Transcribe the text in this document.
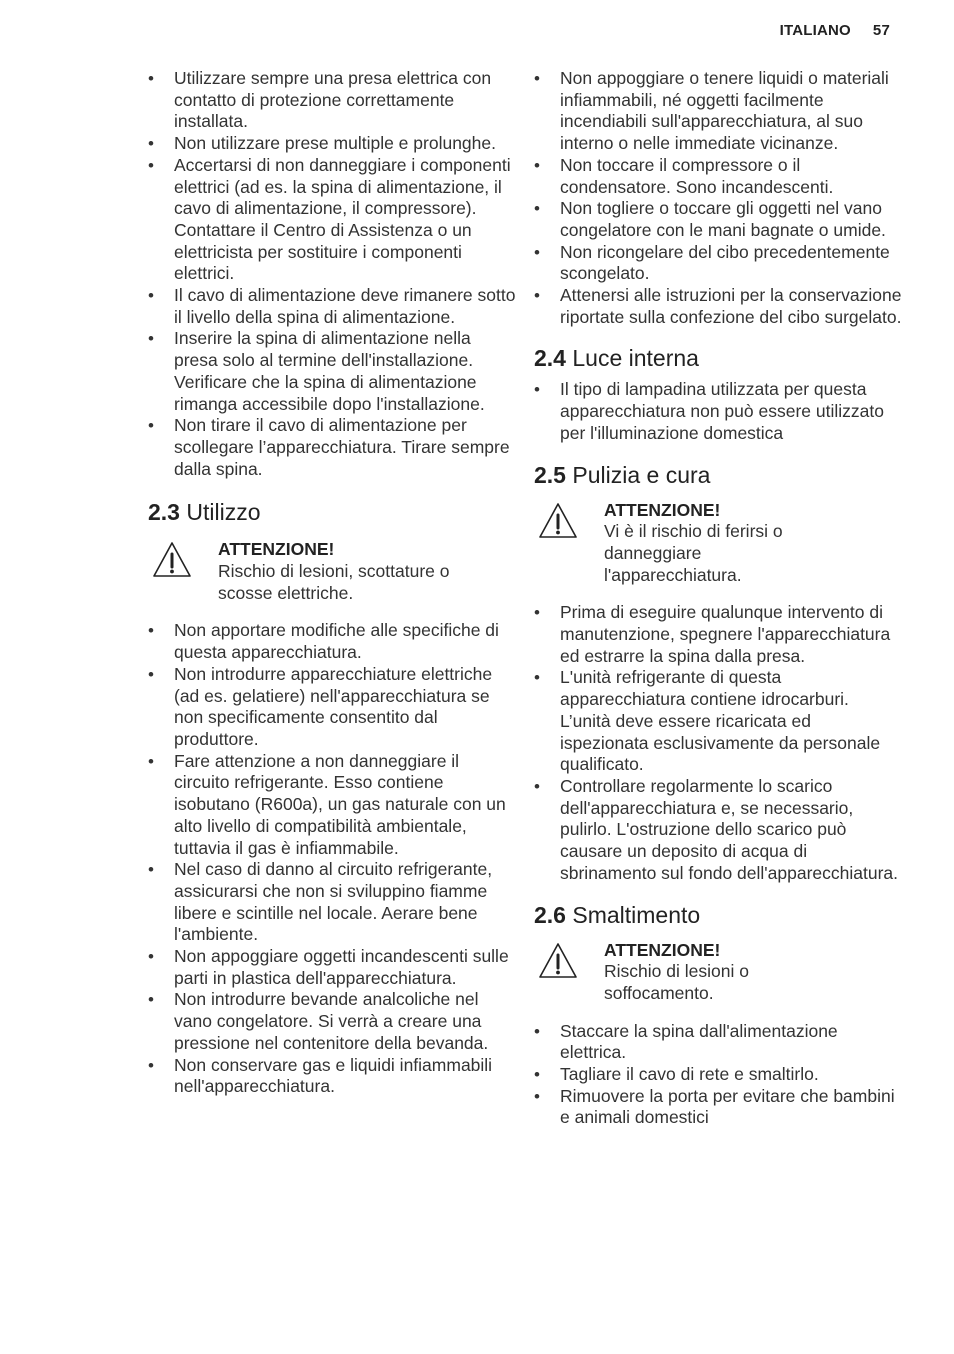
ITALIANO 57
• Utilizzare sempre una presa elettrica con contatto di protezione correttamente installata.
• Non utilizzare prese multiple e prolunghe.
• Accertarsi di non danneggiare i componenti elettrici (ad es. la spina di alimentazione, il cavo di alimentazione, il compressore). Contattare il Centro di Assistenza o un elettricista per sostituire i componenti elettrici.
• Il cavo di alimentazione deve rimanere sotto il livello della spina di alimentazione.
• Inserire la spina di alimentazione nella presa solo al termine dell'installazione. Verificare che la spina di alimentazione rimanga accessibile dopo l'installazione.
• Non tirare il cavo di alimentazione per scollegare l’apparecchiatura. Tirare sempre dalla spina.
2.3 Utilizzo
ATTENZIONE!
Rischio di lesioni, scottature o scosse elettriche.
• Non apportare modifiche alle specifiche di questa apparecchiatura.
• Non introdurre apparecchiature elettriche (ad es. gelatiere) nell'apparecchiatura se non specificamente consentito dal produttore.
• Fare attenzione a non danneggiare il circuito refrigerante. Esso contiene isobutano (R600a), un gas naturale con un alto livello di compatibilità ambientale, tuttavia il gas è infiammabile.
• Nel caso di danno al circuito refrigerante, assicurarsi che non si sviluppino fiamme libere e scintille nel locale. Aerare bene l'ambiente.
• Non appoggiare oggetti incandescenti sulle parti in plastica dell'apparecchiatura.
• Non introdurre bevande analcoliche nel vano congelatore. Si verrà a creare una pressione nel contenitore della bevanda.
• Non conservare gas e liquidi infiammabili nell'apparecchiatura.
• Non appoggiare o tenere liquidi o materiali infiammabili, né oggetti facilmente incendiabili sull'apparecchiatura, al suo interno o nelle immediate vicinanze.
• Non toccare il compressore o il condensatore. Sono incandescenti.
• Non togliere o toccare gli oggetti nel vano congelatore con le mani bagnate o umide.
• Non ricongelare del cibo precedentemente scongelato.
• Attenersi alle istruzioni per la conservazione riportate sulla confezione del cibo surgelato.
2.4 Luce interna
• Il tipo di lampadina utilizzata per questa apparecchiatura non può essere utilizzato per l'illuminazione domestica
2.5 Pulizia e cura
ATTENZIONE!
Vi è il rischio di ferirsi o danneggiare l'apparecchiatura.
• Prima di eseguire qualunque intervento di manutenzione, spegnere l'apparecchiatura ed estrarre la spina dalla presa.
• L'unità refrigerante di questa apparecchiatura contiene idrocarburi. L’unità deve essere ricaricata ed ispezionata esclusivamente da personale qualificato.
• Controllare regolarmente lo scarico dell'apparecchiatura e, se necessario, pulirlo. L'ostruzione dello scarico può causare un deposito di acqua di sbrinamento sul fondo dell'apparecchiatura.
2.6 Smaltimento
ATTENZIONE!
Rischio di lesioni o soffocamento.
• Staccare la spina dall'alimentazione elettrica.
• Tagliare il cavo di rete e smaltirlo.
• Rimuovere la porta per evitare che bambini e animali domestici
